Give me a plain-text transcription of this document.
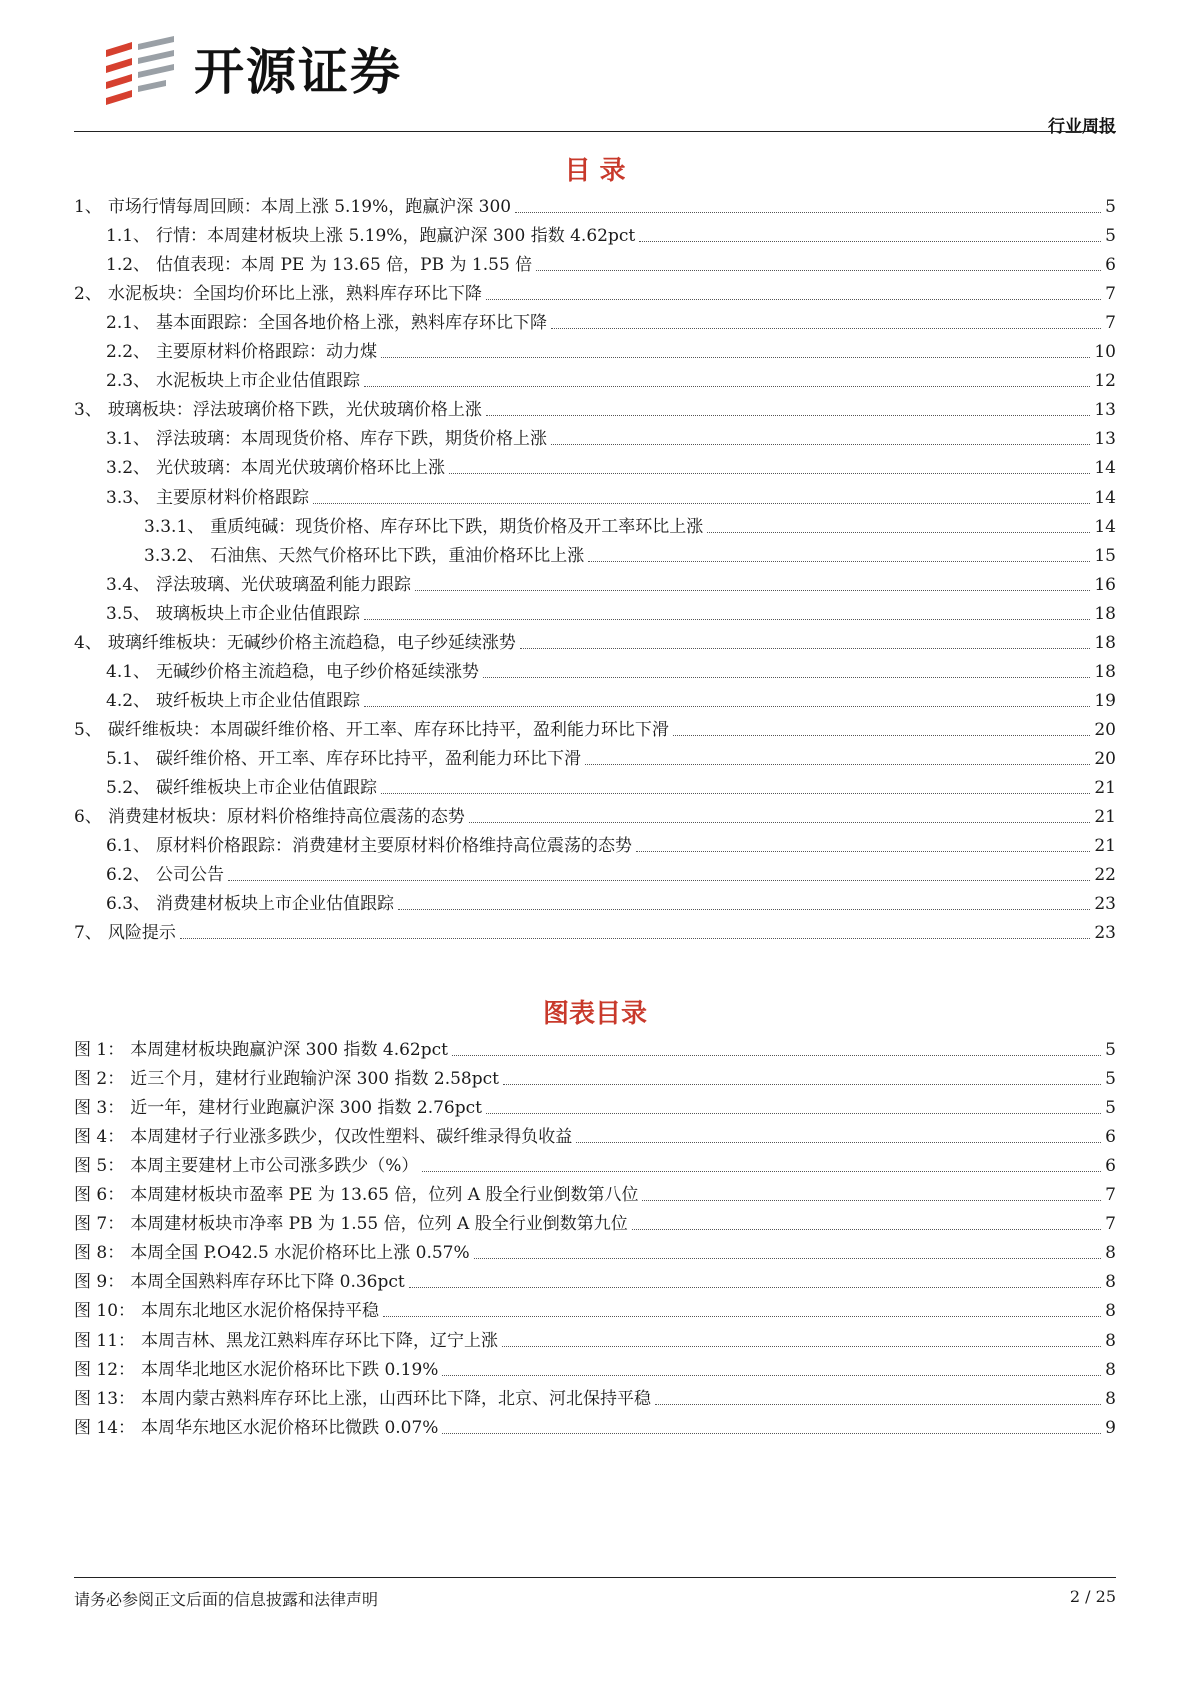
开源证券
行业周报
目 录
1、 市场行情每周回顾：本周上涨 5.19%，跑赢沪深 300	5
1.1、 行情：本周建材板块上涨 5.19%，跑赢沪深 300 指数 4.62pct	5
1.2、 估值表现：本周 PE 为 13.65 倍，PB 为 1.55 倍	6
2、 水泥板块：全国均价环比上涨，熟料库存环比下降	7
2.1、 基本面跟踪：全国各地价格上涨，熟料库存环比下降	7
2.2、 主要原材料价格跟踪：动力煤	10
2.3、 水泥板块上市企业估值跟踪	12
3、 玻璃板块：浮法玻璃价格下跌，光伏玻璃价格上涨	13
3.1、 浮法玻璃：本周现货价格、库存下跌，期货价格上涨	13
3.2、 光伏玻璃：本周光伏玻璃价格环比上涨	14
3.3、 主要原材料价格跟踪	14
3.3.1、 重质纯碱：现货价格、库存环比下跌，期货价格及开工率环比上涨	14
3.3.2、 石油焦、天然气价格环比下跌，重油价格环比上涨	15
3.4、 浮法玻璃、光伏玻璃盈利能力跟踪	16
3.5、 玻璃板块上市企业估值跟踪	18
4、 玻璃纤维板块：无碱纱价格主流趋稳，电子纱延续涨势	18
4.1、 无碱纱价格主流趋稳，电子纱价格延续涨势	18
4.2、 玻纤板块上市企业估值跟踪	19
5、 碳纤维板块：本周碳纤维价格、开工率、库存环比持平，盈利能力环比下滑	20
5.1、 碳纤维价格、开工率、库存环比持平，盈利能力环比下滑	20
5.2、 碳纤维板块上市企业估值跟踪	21
6、 消费建材板块：原材料价格维持高位震荡的态势	21
6.1、 原材料价格跟踪：消费建材主要原材料价格维持高位震荡的态势	21
6.2、 公司公告	22
6.3、 消费建材板块上市企业估值跟踪	23
7、 风险提示	23
图表目录
图 1： 本周建材板块跑赢沪深 300 指数 4.62pct	5
图 2： 近三个月，建材行业跑输沪深 300 指数 2.58pct	5
图 3： 近一年，建材行业跑赢沪深 300 指数 2.76pct	5
图 4： 本周建材子行业涨多跌少，仅改性塑料、碳纤维录得负收益	6
图 5： 本周主要建材上市公司涨多跌少（%）	6
图 6： 本周建材板块市盈率 PE 为 13.65 倍，位列 A 股全行业倒数第八位	7
图 7： 本周建材板块市净率 PB 为 1.55 倍，位列 A 股全行业倒数第九位	7
图 8： 本周全国 P.O42.5 水泥价格环比上涨 0.57%	8
图 9： 本周全国熟料库存环比下降 0.36pct	8
图 10： 本周东北地区水泥价格保持平稳	8
图 11： 本周吉林、黑龙江熟料库存环比下降，辽宁上涨	8
图 12： 本周华北地区水泥价格环比下跌 0.19%	8
图 13： 本周内蒙古熟料库存环比上涨，山西环比下降，北京、河北保持平稳	8
图 14： 本周华东地区水泥价格环比微跌 0.07%	9
请务必参阅正文后面的信息披露和法律声明	2 / 25
